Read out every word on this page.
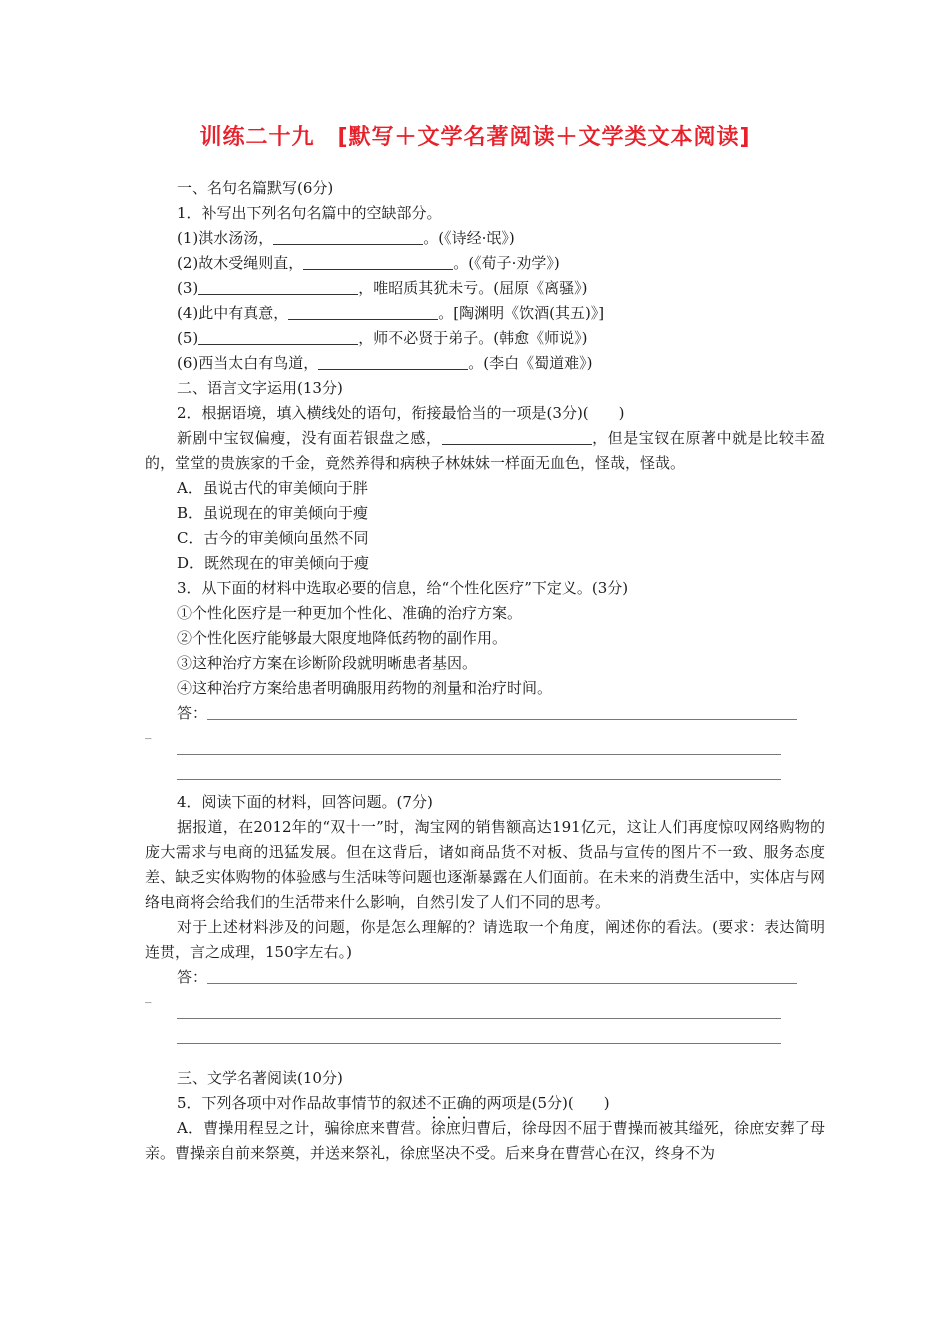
训练二十九　[默写＋文学名著阅读＋文学类文本阅读]
一、名句名篇默写(6分)
1．补写出下列名句名篇中的空缺部分。
(1)淇水汤汤，	。(《诗经·氓》)
(2)故木受绳则直，	。(《荀子·劝学》)
(3)	，唯昭质其犹未亏。(屈原《离骚》)
(4)此中有真意，	。[陶渊明《饮酒(其五)》]
(5)	，师不必贤于弟子。(韩愈《师说》)
(6)西当太白有鸟道，	。(李白《蜀道难》)
二、语言文字运用(13分)
2．根据语境，填入横线处的语句，衔接最恰当的一项是(3分)(　　)
新剧中宝钗偏瘦，没有面若银盘之感，	，但是宝钗在原著中就是比较丰盈的，堂堂的贵族家的千金，竟然养得和病秧子林妹妹一样面无血色，怪哉，怪哉。
A．虽说古代的审美倾向于胖
B．虽说现在的审美倾向于瘦
C．古今的审美倾向虽然不同
D．既然现在的审美倾向于瘦
3．从下面的材料中选取必要的信息，给“个性化医疗”下定义。(3分)
①个性化医疗是一种更加个性化、准确的治疗方案。
②个性化医疗能够最大限度地降低药物的副作用。
③这种治疗方案在诊断阶段就明晰患者基因。
④这种治疗方案给患者明确服用药物的剂量和治疗时间。
答：
_
4．阅读下面的材料，回答问题。(7分)
据报道，在2012年的“双十一”时，淘宝网的销售额高达191亿元，这让人们再度惊叹网络购物的庞大需求与电商的迅猛发展。但在这背后，诸如商品货不对板、货品与宣传的图片不一致、服务态度差、缺乏实体购物的体验感与生活味等问题也逐渐暴露在人们面前。在未来的消费生活中，实体店与网络电商将会给我们的生活带来什么影响，自然引发了人们不同的思考。
对于上述材料涉及的问题，你是怎么理解的？请选取一个角度，阐述你的看法。(要求：表达简明连贯，言之成理，150字左右。)
答：
_
三、文学名著阅读(10分)
5．下列各项中对作品故事情节的叙述不正确的两项是(5分)(　　)
A．曹操用程昱之计，骗徐庶来曹营。徐庶归曹后，徐母因不屈于曹操而被其缢死，徐庶安葬了母亲。曹操亲自前来祭奠，并送来祭礼，徐庶坚决不受。后来身在曹营心在汉，终身不为
